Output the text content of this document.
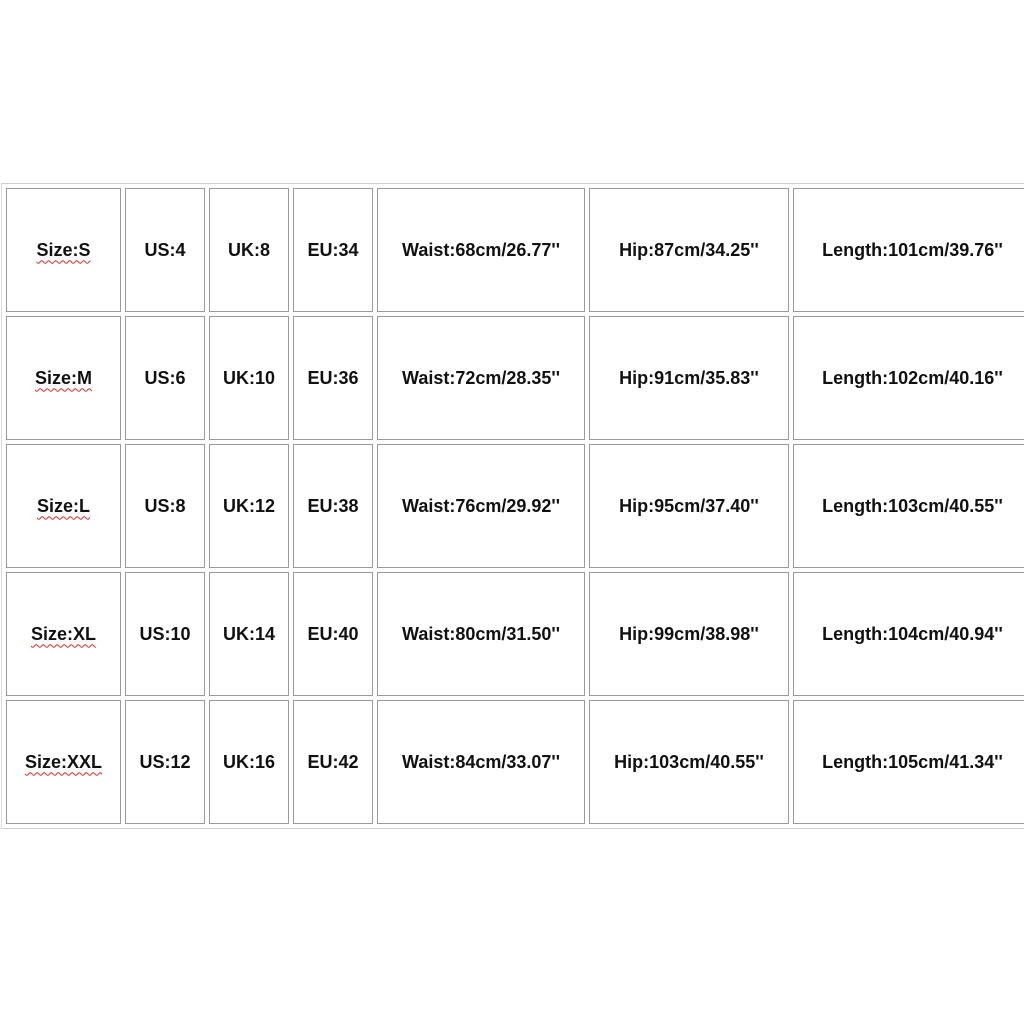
Size:S	US:4	UK:8	EU:34	Waist:68cm/26.77''	Hip:87cm/34.25''	Length:101cm/39.76''
Size:M	US:6	UK:10	EU:36	Waist:72cm/28.35''	Hip:91cm/35.83''	Length:102cm/40.16''
Size:L	US:8	UK:12	EU:38	Waist:76cm/29.92''	Hip:95cm/37.40''	Length:103cm/40.55''
Size:XL	US:10	UK:14	EU:40	Waist:80cm/31.50''	Hip:99cm/38.98''	Length:104cm/40.94''
Size:XXL	US:12	UK:16	EU:42	Waist:84cm/33.07''	Hip:103cm/40.55''	Length:105cm/41.34''
